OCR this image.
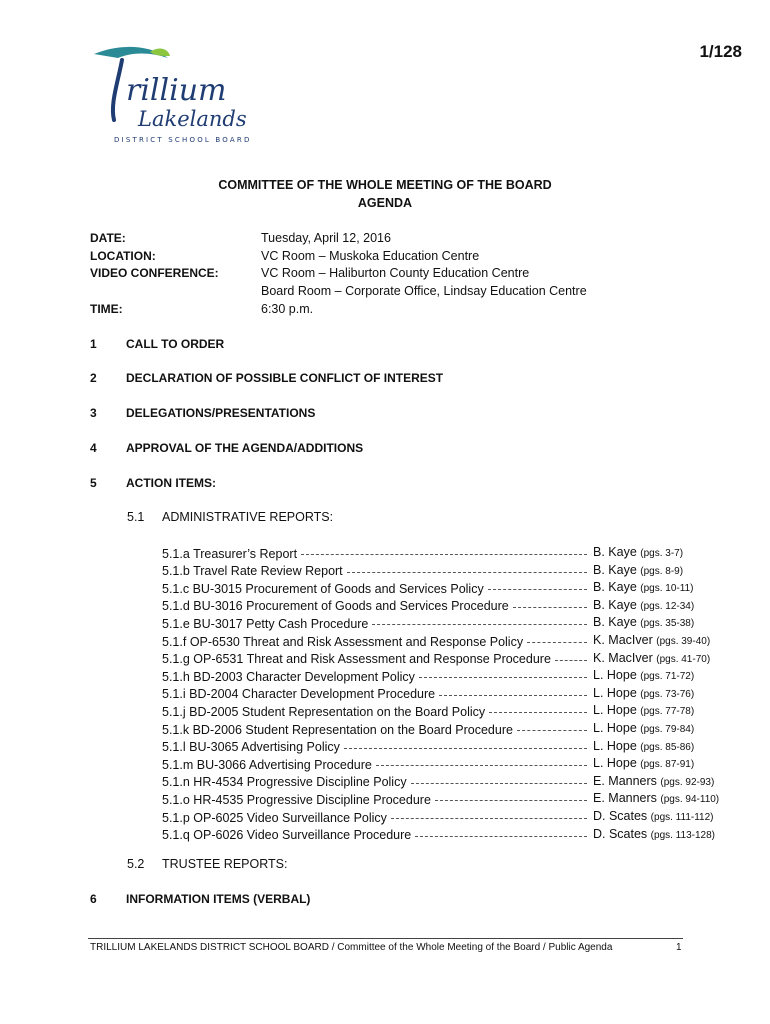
1/128
rillium
Lakelands
DISTRICT SCHOOL BOARD
COMMITTEE OF THE WHOLE MEETING OF THE BOARD
AGENDA
DATE:	Tuesday, April 12, 2016
LOCATION:	VC Room – Muskoka Education Centre
VIDEO CONFERENCE:	VC Room – Haliburton County Education Centre
Board Room – Corporate Office, Lindsay Education Centre
TIME:	6:30 p.m.
1 CALL TO ORDER
2 DECLARATION OF POSSIBLE CONFLICT OF INTEREST
3 DELEGATIONS/PRESENTATIONS
4 APPROVAL OF THE AGENDA/ADDITIONS
5 ACTION ITEMS:
5.1 ADMINISTRATIVE REPORTS:
5.1.a Treasurer’s Report	B. Kaye (pgs. 3-7)
5.1.b Travel Rate Review Report	B. Kaye (pgs. 8-9)
5.1.c BU-3015 Procurement of Goods and Services Policy	B. Kaye (pgs. 10-11)
5.1.d BU-3016 Procurement of Goods and Services Procedure	B. Kaye (pgs. 12-34)
5.1.e BU-3017 Petty Cash Procedure	B. Kaye (pgs. 35-38)
5.1.f OP-6530 Threat and Risk Assessment and Response Policy	K. MacIver (pgs. 39-40)
5.1.g OP-6531 Threat and Risk Assessment and Response Procedure	K. MacIver (pgs. 41-70)
5.1.h BD-2003 Character Development Policy	L. Hope (pgs. 71-72)
5.1.i BD-2004 Character Development Procedure	L. Hope (pgs. 73-76)
5.1.j BD-2005 Student Representation on the Board Policy	L. Hope (pgs. 77-78)
5.1.k BD-2006 Student Representation on the Board Procedure	L. Hope (pgs. 79-84)
5.1.l BU-3065 Advertising Policy	L. Hope (pgs. 85-86)
5.1.m BU-3066 Advertising Procedure	L. Hope (pgs. 87-91)
5.1.n HR-4534 Progressive Discipline Policy	E. Manners (pgs. 92-93)
5.1.o HR-4535 Progressive Discipline Procedure	E. Manners (pgs. 94-110)
5.1.p OP-6025 Video Surveillance Policy	D. Scates (pgs. 111-112)
5.1.q OP-6026 Video Surveillance Procedure	D. Scates (pgs. 113-128)
5.2 TRUSTEE REPORTS:
6 INFORMATION ITEMS (VERBAL)
TRILLIUM LAKELANDS DISTRICT SCHOOL BOARD / Committee of the Whole Meeting of the Board / Public Agenda	1
